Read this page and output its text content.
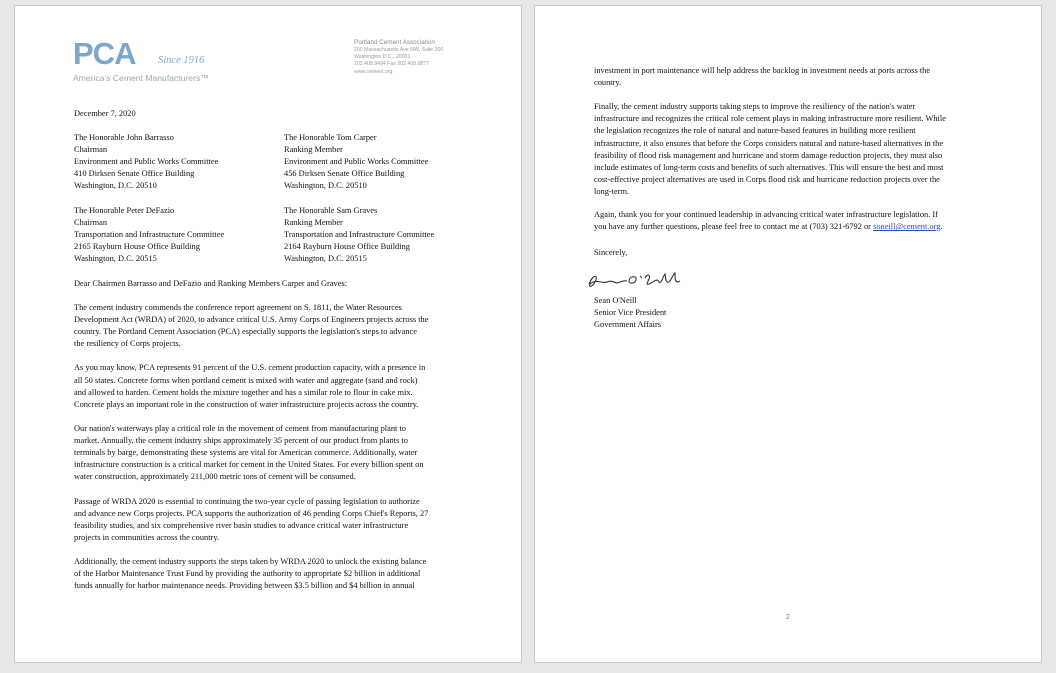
PCA Since 1916
America's Cement Manufacturers™
Portland Cement Association
200 Massachusetts Ave NW, Suite 200
Washington D.C., 20001
202.408.9494 Fax 202.408.0877
www.cement.org
December 7, 2020
The Honorable John Barrasso
Chairman
Environment and Public Works Committee
410 Dirksen Senate Office Building
Washington, D.C. 20510
The Honorable Tom Carper
Ranking Member
Environment and Public Works Committee
456 Dirksen Senate Office Building
Washington, D.C. 20510
The Honorable Peter DeFazio
Chairman
Transportation and Infrastructure Committee
2165 Rayburn House Office Building
Washington, D.C. 20515
The Honorable Sam Graves
Ranking Member
Transportation and Infrastructure Committee
2164 Rayburn House Office Building
Washington, D.C. 20515
Dear Chairmen Barrasso and DeFazio and Ranking Members Carper and Graves:
The cement industry commends the conference report agreement on S. 1811, the Water Resources
Development Act (WRDA) of 2020, to advance critical U.S. Army Corps of Engineers projects across the
country. The Portland Cement Association (PCA) especially supports the legislation's steps to advance
the resiliency of Corps projects.
As you may know, PCA represents 91 percent of the U.S. cement production capacity, with a presence in
all 50 states. Concrete forms when portland cement is mixed with water and aggregate (sand and rock)
and allowed to harden. Cement holds the mixture together and has a similar role to flour in cake mix.
Concrete plays an important role in the construction of water infrastructure projects across the country.
Our nation's waterways play a critical role in the movement of cement from manufacturing plant to
market. Annually, the cement industry ships approximately 35 percent of our product from plants to
terminals by barge, demonstrating these systems are vital for American commerce. Additionally, water
infrastructure construction is a critical market for cement in the United States. For every billion spent on
water construction, approximately 211,000 metric tons of cement will be consumed.
Passage of WRDA 2020 is essential to continuing the two-year cycle of passing legislation to authorize
and advance new Corps projects. PCA supports the authorization of 46 pending Corps Chief's Reports, 27
feasibility studies, and six comprehensive river basin studies to advance critical water infrastructure
projects in communities across the country.
Additionally, the cement industry supports the steps taken by WRDA 2020 to unlock the existing balance
of the Harbor Maintenance Trust Fund by providing the authority to appropriate $2 billion in additional
funds annually for harbor maintenance needs. Providing between $3.5 billion and $4 billion in annual
investment in port maintenance will help address the backlog in investment needs at ports across the
country.
Finally, the cement industry supports taking steps to improve the resiliency of the nation's water
infrastructure and recognizes the critical role cement plays in making infrastructure more resilient. While
the legislation recognizes the role of natural and nature-based features in building more resilient
infrastructure, it also ensures that before the Corps considers natural and nature-based alternatives in the
feasibility of flood risk management and hurricane and storm damage reduction projects, they must also
include estimates of long-term costs and benefits of such alternatives. This will ensure the best and most
cost-effective project alternatives are used in Corps flood risk and hurricane reduction projects over the
long-term.
Again, thank you for your continued leadership in advancing critical water infrastructure legislation. If
you have any further questions, please feel free to contact me at (703) 321-6792 or soneill@cement.org.
Sincerely,
Sean O'Neill
Senior Vice President
Government Affairs
2
